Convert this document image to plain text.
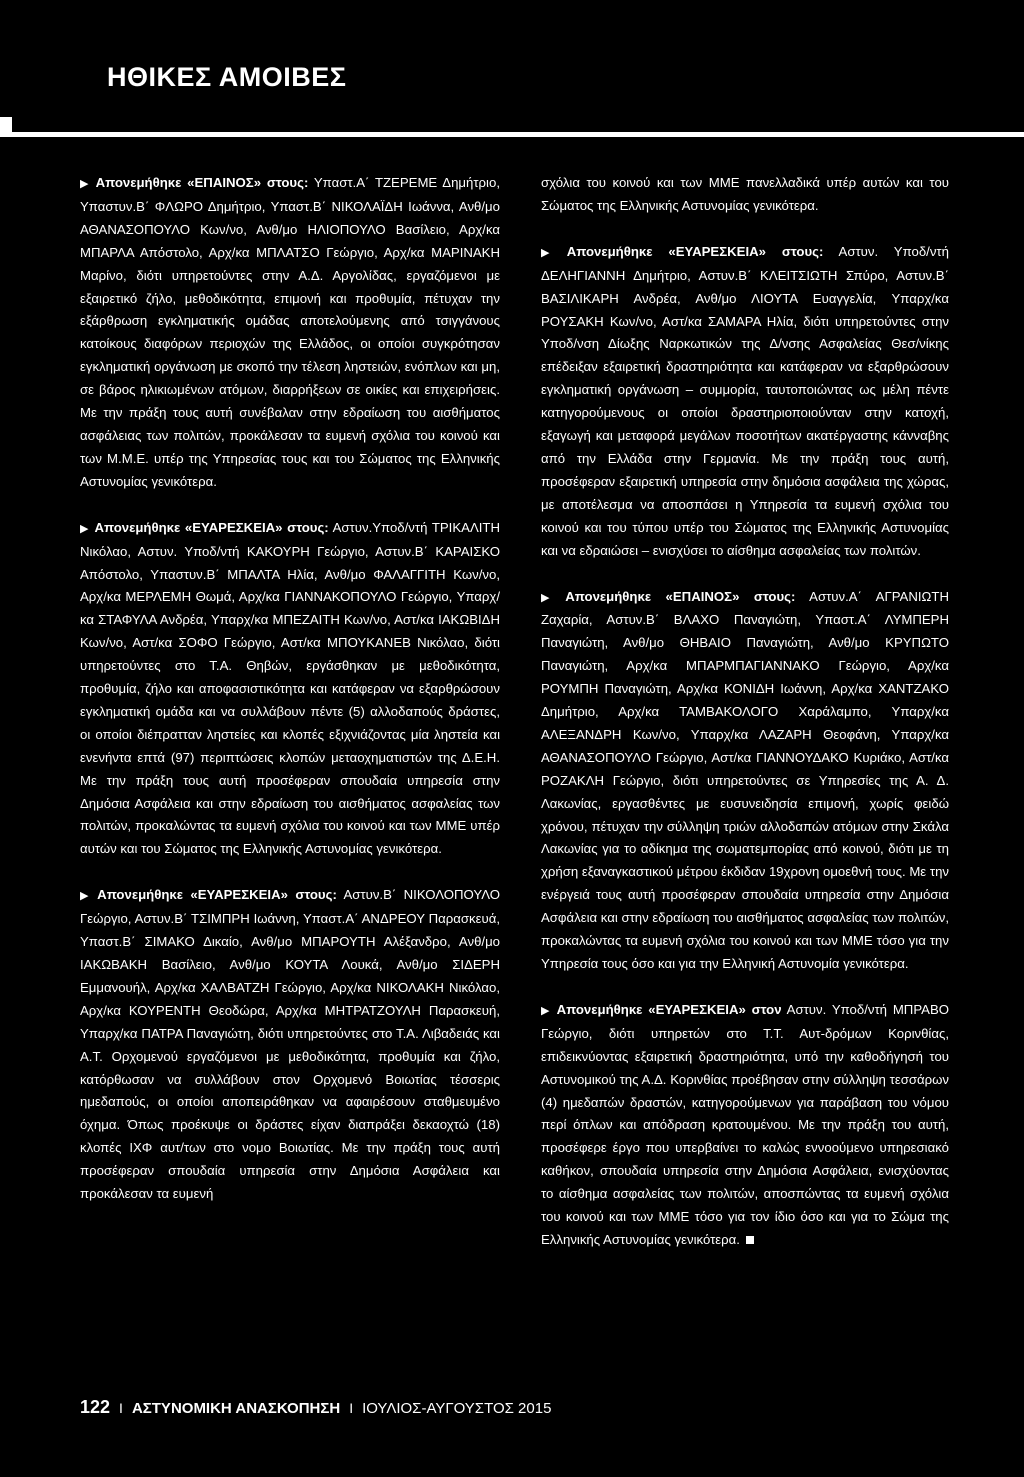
ΗΘΙΚΕΣ ΑΜΟΙΒΕΣ

▶ Απονεμήθηκε «ΕΠΑΙΝΟΣ» στους: Υπαστ.Α΄ ΤΖΕΡΕΜΕ Δημήτριο, Υπαστυν.Β΄ ΦΛΩΡΟ Δημήτριο, Υπαστ.Β΄ ΝΙΚΟΛΑΪΔΗ Ιωάννα, Ανθ/μο ΑΘΑΝΑΣΟΠΟΥΛΟ Κων/νο, Ανθ/μο ΗΛΙΟΠΟΥΛΟ Βασίλειο, Αρχ/κα ΜΠΑΡΛΑ Απόστολο, Αρχ/κα ΜΠΛΑΤΣΟ Γεώργιο, Αρχ/κα ΜΑΡΙΝΑΚΗ Μαρίνο, διότι υπηρετούντες στην Α.Δ. Αργολίδας, εργαζόμενοι με εξαιρετικό ζήλο, μεθοδικότητα, επιμονή και προθυμία, πέτυχαν την εξάρθρωση εγκληματικής ομάδας αποτελούμενης από τσιγγάνους κατοίκους διαφόρων περιοχών της Ελλάδος, οι οποίοι συγκρότησαν εγκληματική οργάνωση με σκοπό την τέλεση ληστειών, ενόπλων και μη, σε βάρος ηλικιωμένων ατόμων, διαρρήξεων σε οικίες και επιχειρήσεις. Με την πράξη τους αυτή συνέβαλαν στην εδραίωση του αισθήματος ασφάλειας των πολιτών, προκάλεσαν τα ευμενή σχόλια του κοινού και των Μ.Μ.Ε. υπέρ της Υπηρεσίας τους και του Σώματος της Ελληνικής Αστυνομίας γενικότερα.

▶ Απονεμήθηκε «ΕΥΑΡΕΣΚΕΙΑ» στους: Αστυν.Υποδ/ντή ΤΡΙΚΑΛΙΤΗ Νικόλαο, Αστυν. Υποδ/ντή ΚΑΚΟΥΡΗ Γεώργιο, Αστυν.Β΄ ΚΑΡΑΙΣΚΟ Απόστολο, Υπαστυν.Β΄ ΜΠΑΛΤΑ Ηλία, Ανθ/μο ΦΑΛΑΓΓΙΤΗ Κων/νο, Αρχ/κα ΜΕΡΛΕΜΗ Θωμά, Αρχ/κα ΓΙΑΝΝΑΚΟΠΟΥΛΟ Γεώργιο, Υπαρχ/κα ΣΤΑΦΥΛΑ Ανδρέα, Υπαρχ/κα ΜΠΕΖΑΙΤΗ Κων/νο, Αστ/κα ΙΑΚΩΒΙΔΗ Κων/νο, Αστ/κα ΣΟΦΟ Γεώργιο, Αστ/κα ΜΠΟΥΚΑΝΕΒ Νικόλαο, διότι υπηρετούντες στο Τ.Α. Θηβών, εργάσθηκαν με μεθοδικότητα, προθυμία, ζήλο και αποφασιστικότητα και κατάφεραν να εξαρθρώσουν εγκληματική ομάδα και να συλλάβουν πέντε (5) αλλοδαπούς δράστες, οι οποίοι διέπρατταν ληστείες και κλοπές εξιχνιάζοντας μία ληστεία και ενενήντα επτά (97) περιπτώσεις κλοπών μεταοχηματιστών της Δ.Ε.Η. Με την πράξη τους αυτή προσέφεραν σπουδαία υπηρεσία στην Δημόσια Ασφάλεια και στην εδραίωση του αισθήματος ασφαλείας των πολιτών, προκαλώντας τα ευμενή σχόλια του κοινού και των ΜΜΕ υπέρ αυτών και του Σώματος της Ελληνικής Αστυνομίας γενικότερα.

▶ Απονεμήθηκε «ΕΥΑΡΕΣΚΕΙΑ» στους: Αστυν.Β΄ ΝΙΚΟΛΟΠΟΥΛΟ Γεώργιο, Αστυν.Β΄ ΤΣΙΜΠΡΗ Ιωάννη, Υπαστ.Α΄ ΑΝΔΡΕΟΥ Παρασκευά, Υπαστ.Β΄ ΣΙΜΑΚΟ Δικαίο, Ανθ/μο ΜΠΑΡΟΥΤΗ Αλέξανδρο, Ανθ/μο ΙΑΚΩΒΑΚΗ Βασίλειο, Ανθ/μο ΚΟΥΤΑ Λουκά, Ανθ/μο ΣΙΔΕΡΗ Εμμανουήλ, Αρχ/κα ΧΑΛΒΑΤΖΗ Γεώργιο, Αρχ/κα ΝΙΚΟΛΑΚΗ Νικόλαο, Αρχ/κα ΚΟΥΡΕΝΤΗ Θεοδώρα, Αρχ/κα ΜΗΤΡΑΤΖΟΥΛΗ Παρασκευή, Υπαρχ/κα ΠΑΤΡΑ Παναγιώτη, διότι υπηρετούντες στο Τ.Α. Λιβαδειάς και Α.Τ. Ορχομενού εργαζόμενοι με μεθοδικότητα, προθυμία και ζήλο, κατόρθωσαν να συλλάβουν στον Ορχομενό Βοιωτίας τέσσερις ημεδαπούς, οι οποίοι αποπειράθηκαν να αφαιρέσουν σταθμευμένο όχημα. Όπως προέκυψε οι δράστες είχαν διαπράξει δεκαοχτώ (18) κλοπές ΙΧΦ αυτ/των στο νομο Βοιωτίας. Με την πράξη τους αυτή προσέφεραν σπουδαία υπηρεσία στην Δημόσια Ασφάλεια και προκάλεσαν τα ευμενή

σχόλια του κοινού και των ΜΜΕ πανελλαδικά υπέρ αυτών και του Σώματος της Ελληνικής Αστυνομίας γενικότερα.

▶ Απονεμήθηκε «ΕΥΑΡΕΣΚΕΙΑ» στους: Αστυν. Υποδ/ντή ΔΕΛΗΓΙΑΝΝΗ Δημήτριο, Αστυν.Β΄ ΚΛΕΙΤΣΙΩΤΗ Σπύρο, Αστυν.Β΄ ΒΑΣΙΛΙΚΑΡΗ Ανδρέα, Ανθ/μο ΛΙΟΥΤΑ Ευαγγελία, Υπαρχ/κα ΡΟΥΣΑΚΗ Κων/νο, Αστ/κα ΣΑΜΑΡΑ Ηλία, διότι υπηρετούντες στην Υποδ/νση Δίωξης Ναρκωτικών της Δ/νσης Ασφαλείας Θεσ/νίκης επέδειξαν εξαιρετική δραστηριότητα και κατάφεραν να εξαρθρώσουν εγκληματική οργάνωση – συμμορία, ταυτοποιώντας ως μέλη πέντε κατηγορούμενους οι οποίοι δραστηριοποιούνταν στην κατοχή, εξαγωγή και μεταφορά μεγάλων ποσοτήτων ακατέργαστης κάνναβης από την Ελλάδα στην Γερμανία. Με την πράξη τους αυτή, προσέφεραν εξαιρετική υπηρεσία στην δημόσια ασφάλεια της χώρας, με αποτέλεσμα να αποσπάσει η Υπηρεσία τα ευμενή σχόλια του κοινού και του τύπου υπέρ του Σώματος της Ελληνικής Αστυνομίας και να εδραιώσει – ενισχύσει το αίσθημα ασφαλείας των πολιτών.

▶ Απονεμήθηκε «ΕΠΑΙΝΟΣ» στους: Αστυν.Α΄ ΑΓΡΑΝΙΩΤΗ Ζαχαρία, Αστυν.Β΄ ΒΛΑΧΟ Παναγιώτη, Υπαστ.Α΄ ΛΥΜΠΕΡΗ Παναγιώτη, Ανθ/μο ΘΗΒΑΙΟ Παναγιώτη, Ανθ/μο ΚΡΥΠΩΤΟ Παναγιώτη, Αρχ/κα ΜΠΑΡΜΠΑΓΙΑΝΝΑΚΟ Γεώργιο, Αρχ/κα ΡΟΥΜΠΗ Παναγιώτη, Αρχ/κα ΚΟΝΙΔΗ Ιωάννη, Αρχ/κα ΧΑΝΤΖΑΚΟ Δημήτριο, Αρχ/κα ΤΑΜΒΑΚΟΛΟΓΟ Χαράλαμπο, Υπαρχ/κα ΑΛΕΞΑΝΔΡΗ Κων/νο, Υπαρχ/κα ΛΑΖΑΡΗ Θεοφάνη, Υπαρχ/κα ΑΘΑΝΑΣΟΠΟΥΛΟ Γεώργιο, Αστ/κα ΓΙΑΝΝΟΥΔΑΚΟ Κυριάκο, Αστ/κα ΡΟΖΑΚΛΗ Γεώργιο, διότι υπηρετούντες σε Υπηρεσίες της Α. Δ. Λακωνίας, εργασθέντες με ευσυνειδησία επιμονή, χωρίς φειδώ χρόνου, πέτυχαν την σύλληψη τριών αλλοδαπών ατόμων στην Σκάλα Λακωνίας για το αδίκημα της σωματεμπορίας από κοινού, διότι με τη χρήση εξαναγκαστικού μέτρου έκδιδαν 19χρονη ομοεθνή τους. Με την ενέργειά τους αυτή προσέφεραν σπουδαία υπηρεσία στην Δημόσια Ασφάλεια και στην εδραίωση του αισθήματος ασφαλείας των πολιτών, προκαλώντας τα ευμενή σχόλια του κοινού και των ΜΜΕ τόσο για την Υπηρεσία τους όσο και για την Ελληνική Αστυνομία γενικότερα.

▶ Απονεμήθηκε «ΕΥΑΡΕΣΚΕΙΑ» στον Αστυν. Υποδ/ντή ΜΠΡΑΒΟ Γεώργιο, διότι υπηρετών στο Τ.Τ. Αυτ-δρόμων Κορινθίας, επιδεικνύοντας εξαιρετική δραστηριότητα, υπό την καθοδήγησή του Αστυνομικού της Α.Δ. Κορινθίας προέβησαν στην σύλληψη τεσσάρων (4) ημεδαπών δραστών, κατηγορούμενων για παράβαση του νόμου περί όπλων και απόδραση κρατουμένου. Με την πράξη του αυτή, προσέφερε έργο που υπερβαίνει το καλώς εννοούμενο υπηρεσιακό καθήκον, σπουδαία υπηρεσία στην Δημόσια Ασφάλεια, ενισχύοντας το αίσθημα ασφαλείας των πολιτών, αποσπώντας τα ευμενή σχόλια του κοινού και των ΜΜΕ τόσο για τον ίδιο όσο και για το Σώμα της Ελληνικής Αστυνομίας γενικότερα.

122 I ΑΣΤΥΝΟΜΙΚΗ ΑΝΑΣΚΟΠΗΣΗ I ΙΟΥΛΙΟΣ-ΑΥΓΟΥΣΤΟΣ 2015
